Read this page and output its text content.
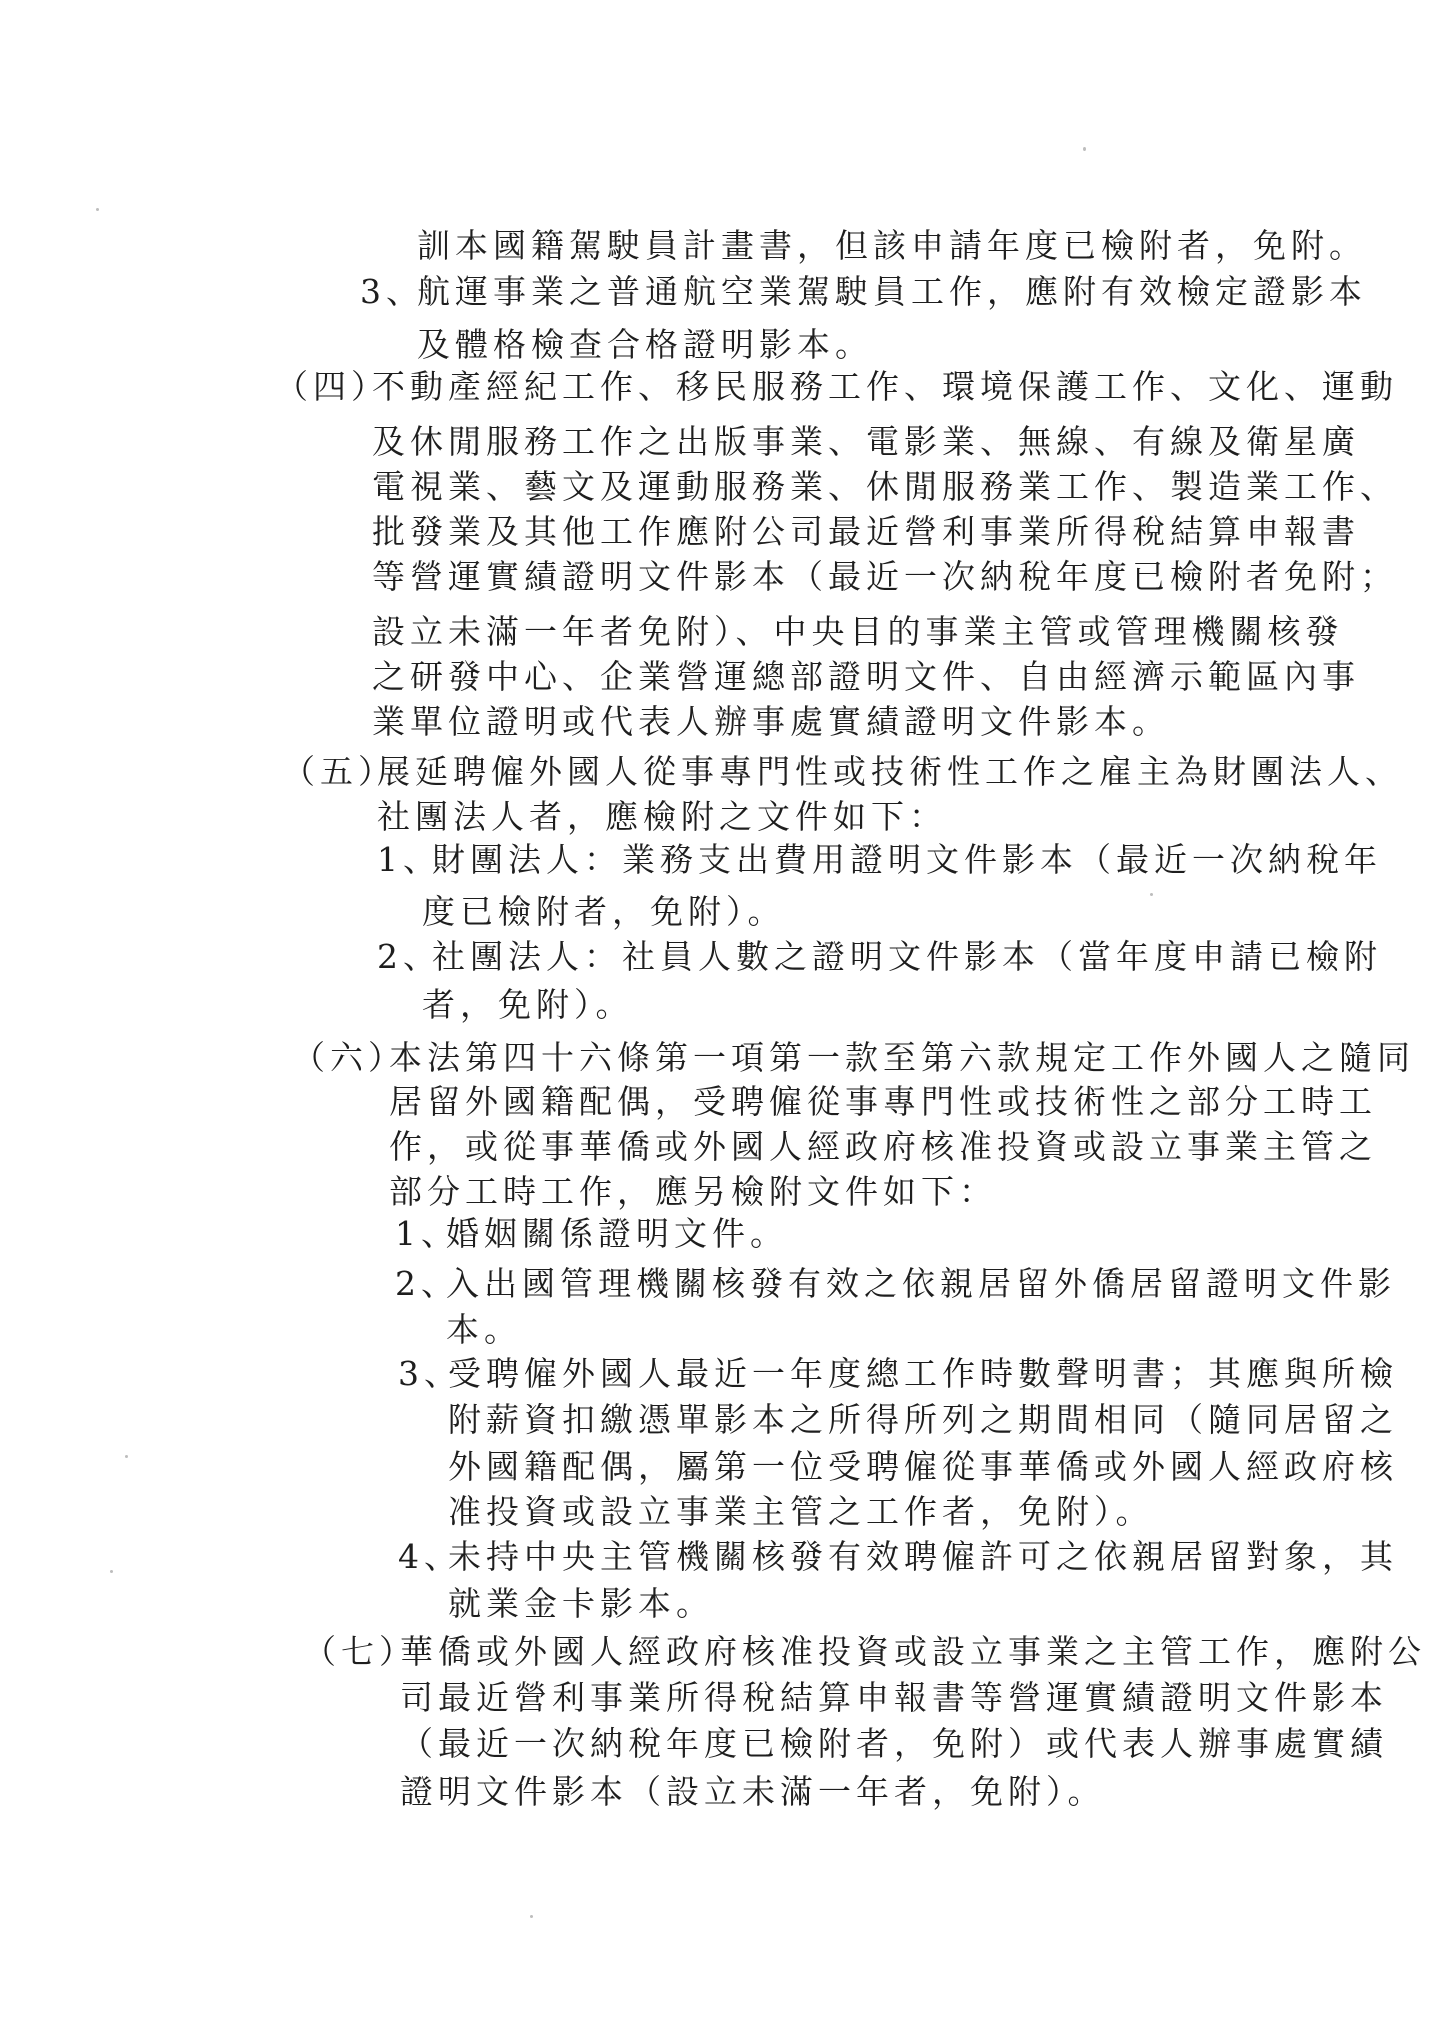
訓本國籍駕駛員計畫書，但該申請年度已檢附者，免附。

3、

航運事業之普通航空業駕駛員工作，應附有效檢定證影本

及體格檢查合格證明影本。

（四）

不動產經紀工作、移民服務工作、環境保護工作、文化、運動

及休閒服務工作之出版事業、電影業、無線、有線及衛星廣

電視業、藝文及運動服務業、休閒服務業工作、製造業工作、

批發業及其他工作應附公司最近營利事業所得稅結算申報書

等營運實績證明文件影本（最近一次納稅年度已檢附者免附；

設立未滿一年者免附）、中央目的事業主管或管理機關核發

之研發中心、企業營運總部證明文件、自由經濟示範區內事

業單位證明或代表人辦事處實績證明文件影本。

（五）

展延聘僱外國人從事專門性或技術性工作之雇主為財團法人、

社團法人者，應檢附之文件如下：

1、

財團法人：業務支出費用證明文件影本（最近一次納稅年

度已檢附者，免附）。

2、

社團法人：社員人數之證明文件影本（當年度申請已檢附

者，免附）。

（六）

本法第四十六條第一項第一款至第六款規定工作外國人之隨同

居留外國籍配偶，受聘僱從事專門性或技術性之部分工時工

作，或從事華僑或外國人經政府核准投資或設立事業主管之

部分工時工作，應另檢附文件如下：

1、

婚姻關係證明文件。

2、

入出國管理機關核發有效之依親居留外僑居留證明文件影

本。

3、

受聘僱外國人最近一年度總工作時數聲明書；其應與所檢

附薪資扣繳憑單影本之所得所列之期間相同（隨同居留之

外國籍配偶，屬第一位受聘僱從事華僑或外國人經政府核

准投資或設立事業主管之工作者，免附）。

4、

未持中央主管機關核發有效聘僱許可之依親居留對象，其

就業金卡影本。

（七）

華僑或外國人經政府核准投資或設立事業之主管工作，應附公

司最近營利事業所得稅結算申報書等營運實績證明文件影本

（最近一次納稅年度已檢附者，免附）或代表人辦事處實績

證明文件影本（設立未滿一年者，免附）。
